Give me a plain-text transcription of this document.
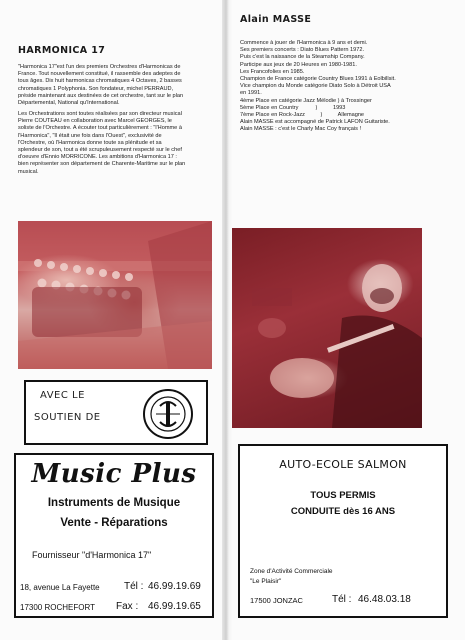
HARMONICA 17
"Harmonica 17"est l'un des premiers Orchestres d'Harmonicas de
France. Tout nouvellement constitué, il rassemble des adeptes de
tous âges. Dix huit harmonicas chromatiques 4 Octaves, 2 basses
chromatiques 1 Polyphonia. Son fondateur, michel PERRAUD,
préside maintenant aux destinées de cet orchestre, tant sur le plan
Départemental, National qu'International.
Les Orchestrations sont toutes réalisées par son directeur musical
Pierre COUTEAU en collaboration avec Marcel GEORGES, le
soliste de l'Orchestre. A écouter tout particulièrement : "l'Homme à
l'Harmonica", "Il était une fois dans l'Ouest", exclusivité de
l'Orchestre, où l'Harmonica donne toute sa plénitude et sa
splendeur de son, tout a été scrupuleusement respecté sur le chef
d'oeuvre d'Ennio MORRICONE. Les ambitions d'Harmonica 17 :
bien représenter son département de Charente-Maritime sur le plan
musical.
AVEC LE
SOUTIEN DE
Music Plus
Instruments de Musique
Vente - Réparations
Fournisseur "d'Harmonica 17"
18, avenue La Fayette Tél : 46.99.19.69
17300 ROCHEFORT Fax : 46.99.19.65
Alain MASSE
Commence à jouer de l'Harmonica à 9 ans et demi.
Ses premiers concerts : Diato Blues Pattern 1972.
Puis c'est la naissance de la Steamship Company.
Participe aux jeux de 20 Heures en 1980-1981.
Les Francofolies en 1985.
Champion de France catégorie Country Blues 1991 à Eolbillsit.
Vice champion du Monde catégorie Diato Solo à Détroit USA
en 1991.
4ème Place en catégorie Jazz Mélodie ) à Trossinger
5ème Place en Country           )          1993
7ème Place en Rock-Jazz          )          Allemagne
Alain MASSE est accompagné de Patrick LAFON Guitariste.
Alain MASSE : c'est le Charly Mac Coy français !
AUTO-ECOLE SALMON
TOUS PERMIS
CONDUITE dès 16 ANS
Zone d'Activité Commerciale
"Le Plaisir"
17500 JONZAC	Tél : 46.48.03.18
